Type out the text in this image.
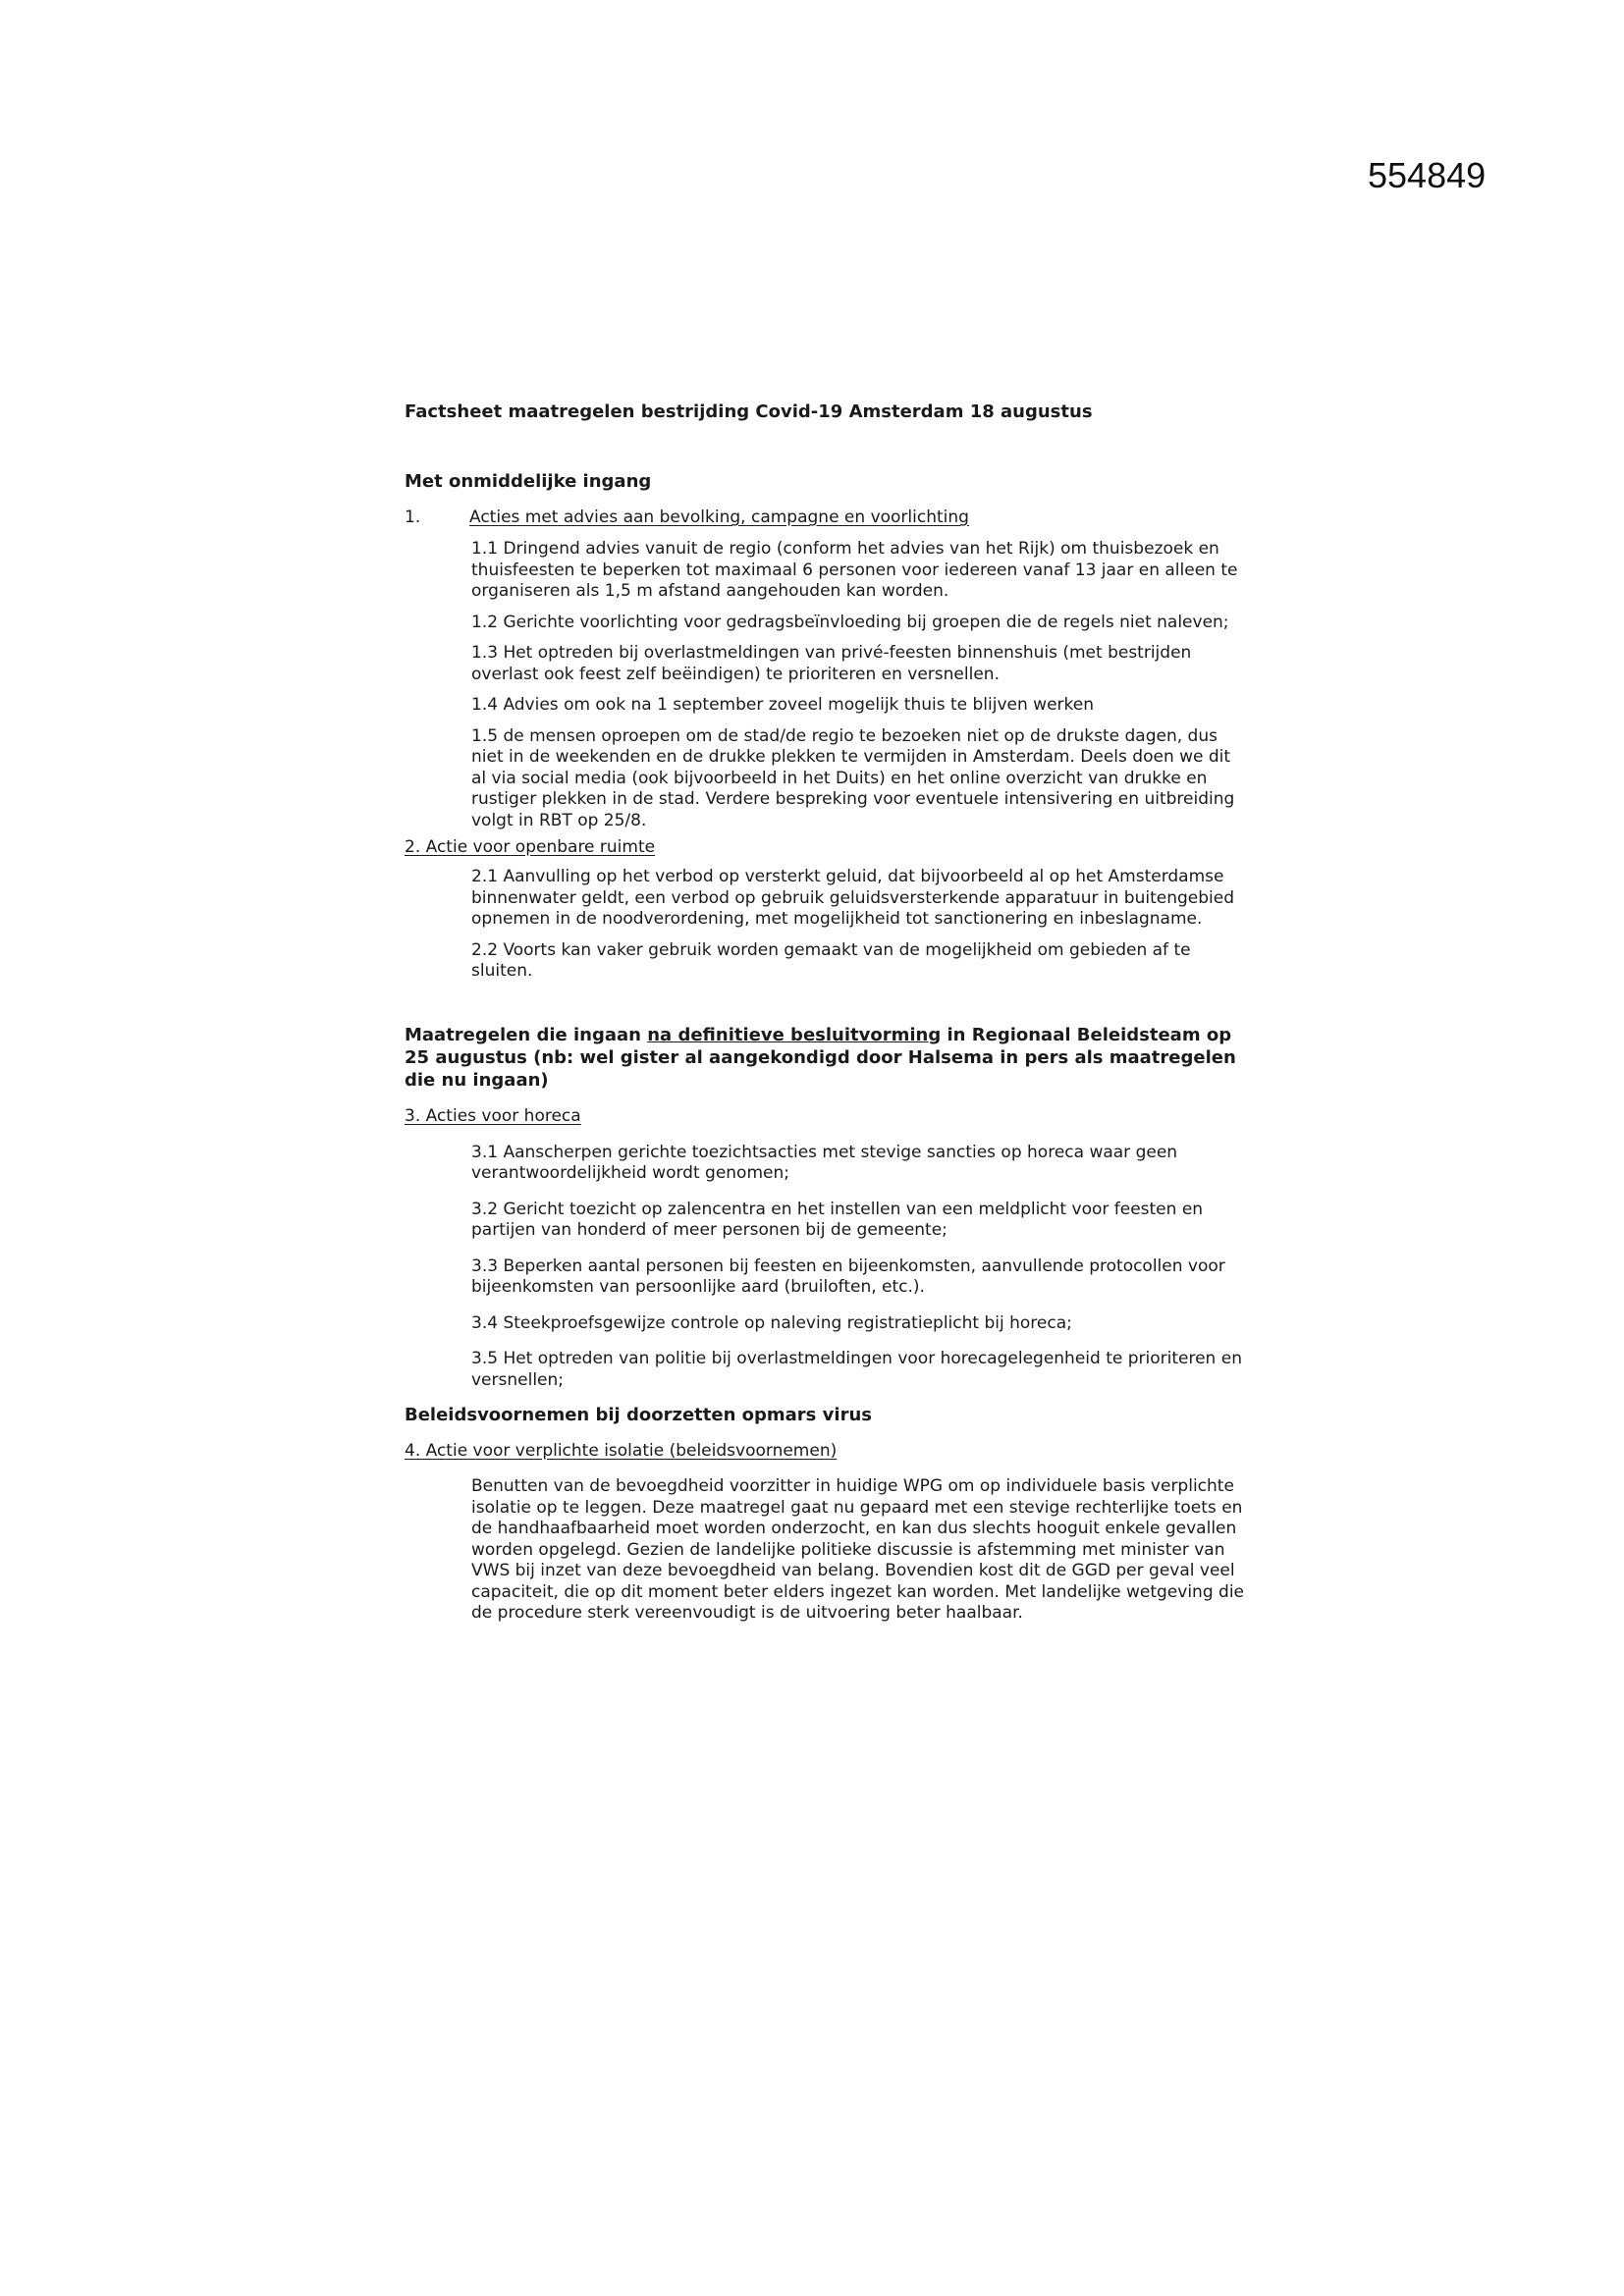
554849
Factsheet maatregelen bestrijding Covid-19 Amsterdam 18 augustus
Met onmiddelijke ingang
1.	Acties met advies aan bevolking, campagne en voorlichting

1.1 Dringend advies vanuit de regio (conform het advies van het Rijk) om thuisbezoek en thuisfeesten te beperken tot maximaal 6 personen voor iedereen vanaf 13 jaar en alleen te organiseren als 1,5 m afstand aangehouden kan worden.

1.2 Gerichte voorlichting voor gedragsbeïnvloeding bij groepen die de regels niet naleven;

1.3 Het optreden bij overlastmeldingen van privé-feesten binnenshuis (met bestrijden overlast ook feest zelf beëindigen) te prioriteren en versnellen.

1.4 Advies om ook na 1 september zoveel mogelijk thuis te blijven werken

1.5 de mensen oproepen om de stad/de regio te bezoeken niet op de drukste dagen, dus niet in de weekenden en de drukke plekken te vermijden in Amsterdam. Deels doen we dit al via social media (ook bijvoorbeeld in het Duits) en het online overzicht van drukke en rustiger plekken in de stad. Verdere bespreking voor eventuele intensivering en uitbreiding volgt in RBT op 25/8.

2. Actie voor openbare ruimte

2.1 Aanvulling op het verbod op versterkt geluid, dat bijvoorbeeld al op het Amsterdamse binnenwater geldt, een verbod op gebruik geluidsversterkende apparatuur in buitengebied opnemen in de noodverordening, met mogelijkheid tot sanctionering en inbeslagname.

2.2 Voorts kan vaker gebruik worden gemaakt van de mogelijkheid om gebieden af te sluiten.

Maatregelen die ingaan na definitieve besluitvorming in Regionaal Beleidsteam op 25 augustus (nb: wel gister al aangekondigd door Halsema in pers als maatregelen die nu ingaan)
3. Acties voor horeca

3.1 Aanscherpen gerichte toezichtsacties met stevige sancties op horeca waar geen verantwoordelijkheid wordt genomen;

3.2 Gericht toezicht op zalencentra en het instellen van een meldplicht voor feesten en partijen van honderd of meer personen bij de gemeente;

3.3 Beperken aantal personen bij feesten en bijeenkomsten, aanvullende protocollen voor bijeenkomsten van persoonlijke aard (bruiloften, etc.).

3.4 Steekproefsgewijze controle op naleving registratieplicht bij horeca;

3.5 Het optreden van politie bij overlastmeldingen voor horecagelegenheid te prioriteren en versnellen;

Beleidsvoornemen bij doorzetten opmars virus
4. Actie voor verplichte isolatie (beleidsvoornemen)

Benutten van de bevoegdheid voorzitter in huidige WPG om op individuele basis verplichte isolatie op te leggen. Deze maatregel gaat nu gepaard met een stevige rechterlijke toets en de handhaafbaarheid moet worden onderzocht, en kan dus slechts hooguit enkele gevallen worden opgelegd. Gezien de landelijke politieke discussie is afstemming met minister van VWS bij inzet van deze bevoegdheid van belang. Bovendien kost dit de GGD per geval veel capaciteit, die op dit moment beter elders ingezet kan worden. Met landelijke wetgeving die de procedure sterk vereenvoudigt is de uitvoering beter haalbaar.
